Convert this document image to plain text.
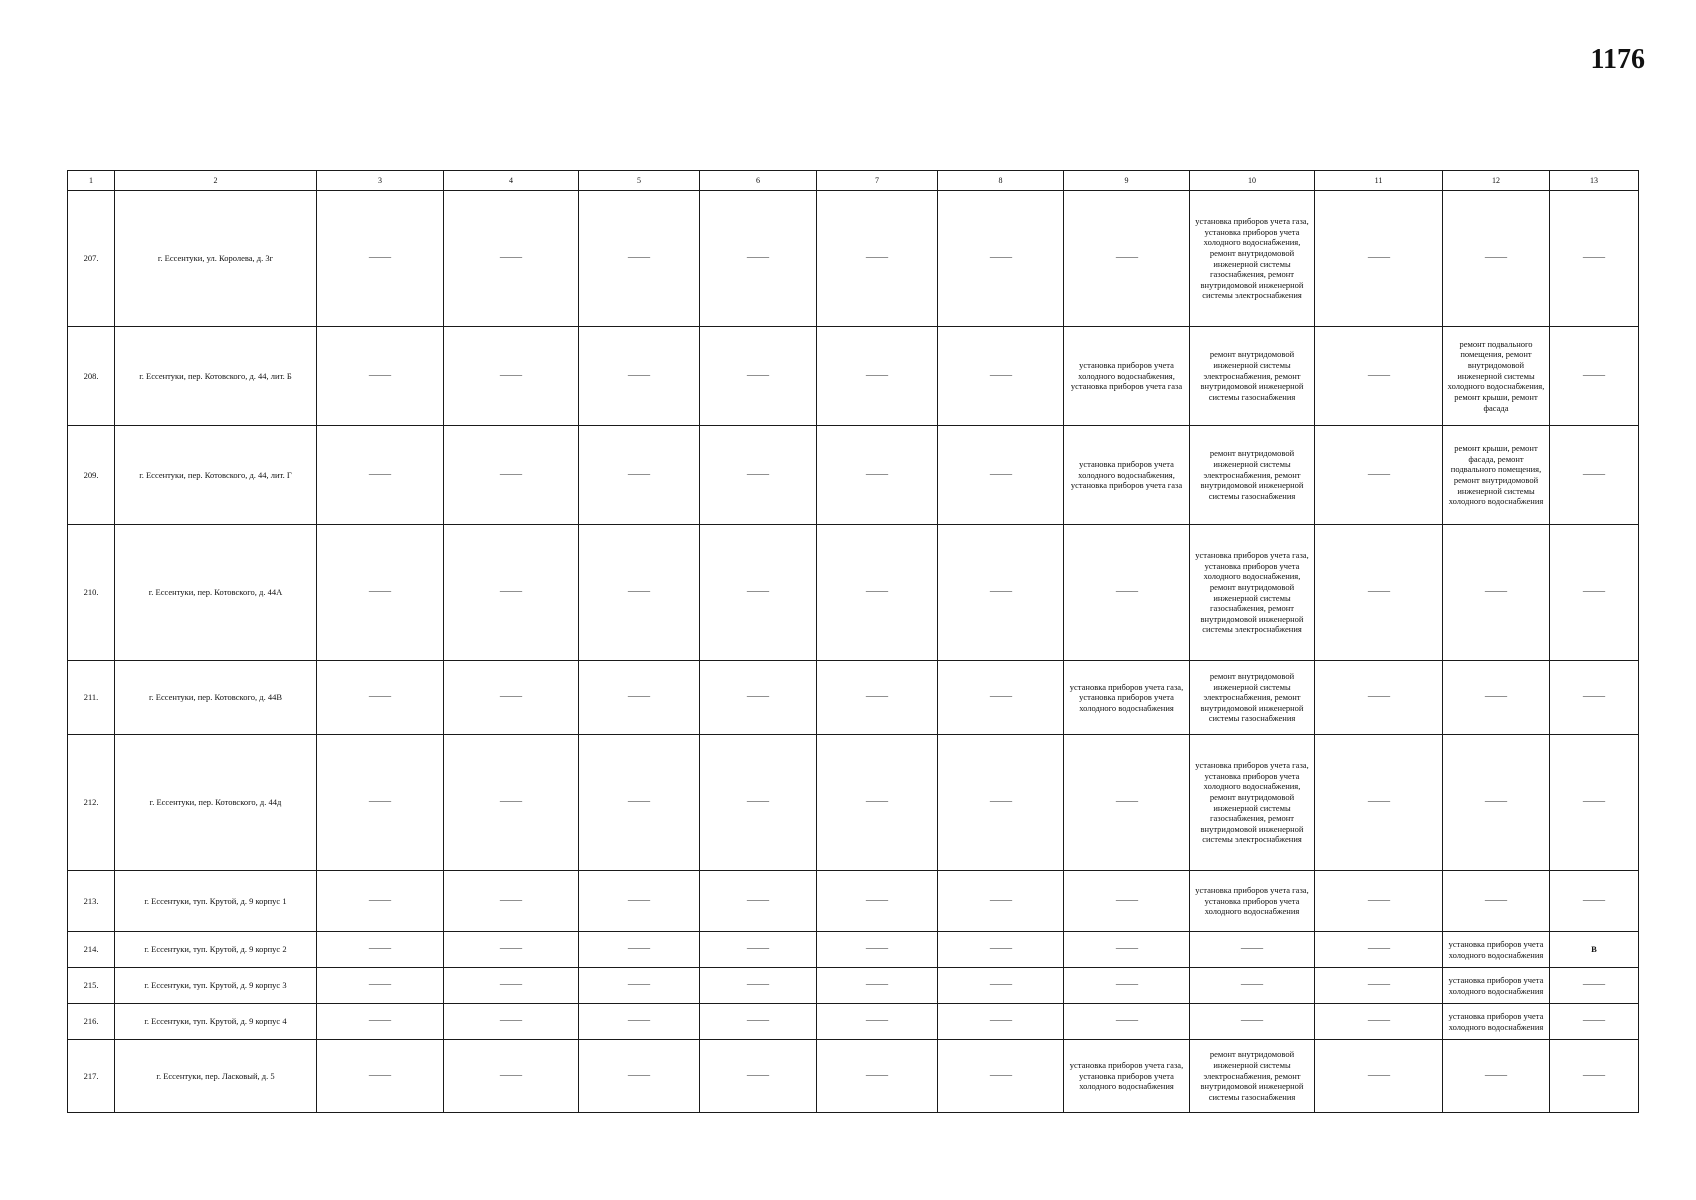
1176
1	2	3	4	5	6	7	8	9	10	11	12	13
207.	г. Ессентуки, ул. Королева, д. 3г	—	—	—	—	—	—	—	установка приборов учета газа, установка приборов учета холодного водоснабжения, ремонт внутридомовой инженерной системы газоснабжения, ремонт внутридомовой инженерной системы электроснабжения	—	—	—
208.	г. Ессентуки, пер. Котовского, д. 44, лит. Б	—	—	—	—	—	—	установка приборов учета холодного водоснабжения, установка приборов учета газа	ремонт внутридомовой инженерной системы электроснабжения, ремонт внутридомовой инженерной системы газоснабжения	—	ремонт подвального помещения, ремонт внутридомовой инженерной системы холодного водоснабжения, ремонт крыши, ремонт фасада	—
209.	г. Ессентуки, пер. Котовского, д. 44, лит. Г	—	—	—	—	—	—	установка приборов учета холодного водоснабжения, установка приборов учета газа	ремонт внутридомовой инженерной системы электроснабжения, ремонт внутридомовой инженерной системы газоснабжения	—	ремонт крыши, ремонт фасада, ремонт подвального помещения, ремонт внутридомовой инженерной системы холодного водоснабжения	—
210.	г. Ессентуки, пер. Котовского, д. 44А	—	—	—	—	—	—	—	установка приборов учета газа, установка приборов учета холодного водоснабжения, ремонт внутридомовой инженерной системы газоснабжения, ремонт внутридомовой инженерной системы электроснабжения	—	—	—
211.	г. Ессентуки, пер. Котовского, д. 44В	—	—	—	—	—	—	установка приборов учета газа, установка приборов учета холодного водоснабжения	ремонт внутридомовой инженерной системы электроснабжения, ремонт внутридомовой инженерной системы газоснабжения	—	—	—
212.	г. Ессентуки, пер. Котовского, д. 44д	—	—	—	—	—	—	—	установка приборов учета газа, установка приборов учета холодного водоснабжения, ремонт внутридомовой инженерной системы газоснабжения, ремонт внутридомовой инженерной системы электроснабжения	—	—	—
213.	г. Ессентуки, туп. Крутой, д. 9 корпус 1	—	—	—	—	—	—	—	установка приборов учета газа, установка приборов учета холодного водоснабжения	—	—	—
214.	г. Ессентуки, туп. Крутой, д. 9 корпус 2	—	—	—	—	—	—	—	—	—	установка приборов учета холодного водоснабжения	В
215.	г. Ессентуки, туп. Крутой, д. 9 корпус 3	—	—	—	—	—	—	—	—	—	установка приборов учета холодного водоснабжения	—
216.	г. Ессентуки, туп. Крутой, д. 9 корпус 4	—	—	—	—	—	—	—	—	—	установка приборов учета холодного водоснабжения	—
217.	г. Ессентуки, пер. Ласковый, д. 5	—	—	—	—	—	—	установка приборов учета газа, установка приборов учета холодного водоснабжения	ремонт внутридомовой инженерной системы электроснабжения, ремонт внутридомовой инженерной системы газоснабжения	—	—	—
